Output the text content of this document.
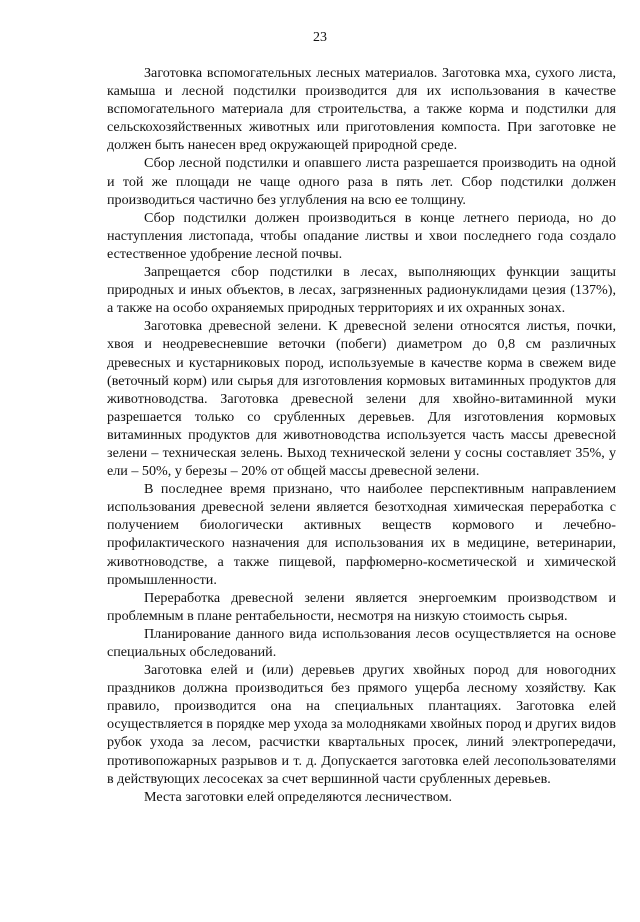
23

Заготовка вспомогательных лесных материалов. Заготовка мха, сухого листа, камыша и лесной подстилки производится для их использования в качестве вспомогательного материала для строительства, а также корма и подстилки для сельскохозяйственных животных или приготовления компоста. При заготовке не должен быть нанесен вред окружающей природной среде.

Сбор лесной подстилки и опавшего листа разрешается производить на одной и той же площади не чаще одного раза в пять лет. Сбор подстилки должен производиться частично без углубления на всю ее толщину.

Сбор подстилки должен производиться в конце летнего периода, но до наступления листопада, чтобы опадание листвы и хвои последнего года создало естественное удобрение лесной почвы.

Запрещается сбор подстилки в лесах, выполняющих функции защиты природных и иных объектов, в лесах, загрязненных радионуклидами цезия (137%), а также на особо охраняемых природных территориях и их охранных зонах.

Заготовка древесной зелени. К древесной зелени относятся листья, почки, хвоя и неодревесневшие веточки (побеги) диаметром до 0,8 см различных древесных и кустарниковых пород, используемые в качестве корма в свежем виде (веточный корм) или сырья для изготовления кормовых витаминных продуктов для животноводства. Заготовка древесной зелени для хвойно-витаминной муки разрешается только со срубленных деревьев. Для изготовления кормовых витаминных продуктов для животноводства используется часть массы древесной зелени – техническая зелень. Выход технической зелени у сосны составляет 35%, у ели – 50%, у березы – 20% от общей массы древесной зелени.

В последнее время признано, что наиболее перспективным направлением использования древесной зелени является безотходная химическая переработка с получением биологически активных веществ кормового и лечебно-профилактического назначения для использования их в медицине, ветеринарии, животноводстве, а также пищевой, парфюмерно-косметической и химической промышленности.

Переработка древесной зелени является энергоемким производством и проблемным в плане рентабельности, несмотря на низкую стоимость сырья.

Планирование данного вида использования лесов осуществляется на основе специальных обследований.

Заготовка елей и (или) деревьев других хвойных пород для новогодних праздников должна производиться без прямого ущерба лесному хозяйству. Как правило, производится она на специальных плантациях. Заготовка елей осуществляется в порядке мер ухода за молодняками хвойных пород и других видов рубок ухода за лесом, расчистки квартальных просек, линий электропередачи, противопожарных разрывов и т. д. Допускается заготовка елей лесопользователями в действующих лесосеках за счет вершинной части срубленных деревьев.

Места заготовки елей определяются лесничеством.
